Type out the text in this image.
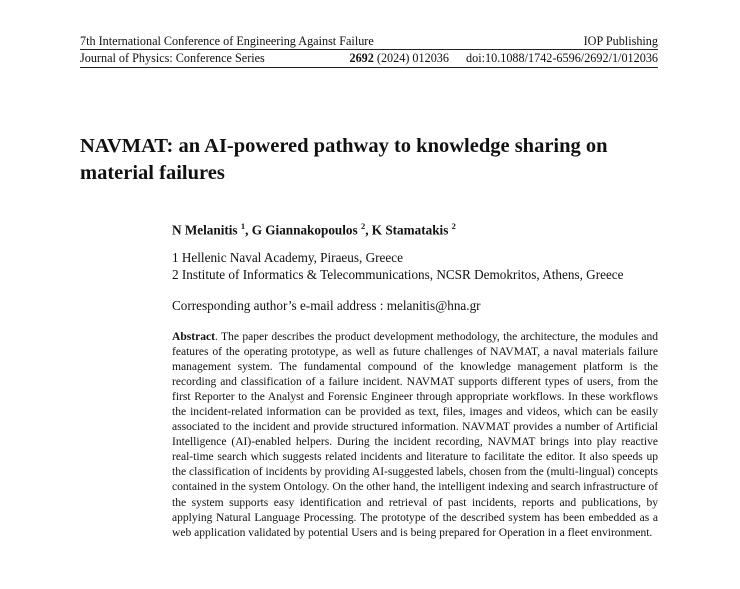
7th International Conference of Engineering Against Failure	IOP Publishing
Journal of Physics: Conference Series	2692 (2024) 012036 doi:10.1088/1742-6596/2692/1/012036
NAVMAT: an AI-powered pathway to knowledge sharing on material failures
N Melanitis $^1$, G Giannakopoulos $^2$, K Stamatakis $^2$
1 Hellenic Naval Academy, Piraeus, Greece
2 Institute of Informatics & Telecommunications, NCSR Demokritos, Athens, Greece
Corresponding author’s e-mail address : melanitis@hna.gr

Abstract. The paper describes the product development methodology, the architecture, the modules and features of the operating prototype, as well as future challenges of NAVMAT, a naval materials failure management system. The fundamental compound of the knowledge management platform is the recording and classification of a failure incident. NAVMAT supports different types of users, from the first Reporter to the Analyst and Forensic Engineer through appropriate workflows. In these workflows the incident-related information can be provided as text, files, images and videos, which can be easily associated to the incident and provide structured information. NAVMAT provides a number of Artificial Intelligence (AI)-enabled helpers. During the incident recording, NAVMAT brings into play reactive real-time search which suggests related incidents and literature to facilitate the editor. It also speeds up the classification of incidents by providing AI-suggested labels, chosen from the (multi-lingual) concepts contained in the system Ontology. On the other hand, the intelligent indexing and search infrastructure of the system supports easy identification and retrieval of past incidents, reports and publications, by applying Natural Language Processing. The prototype of the described system has been embedded as a web application validated by potential Users and is being prepared for Operation in a fleet environment.
